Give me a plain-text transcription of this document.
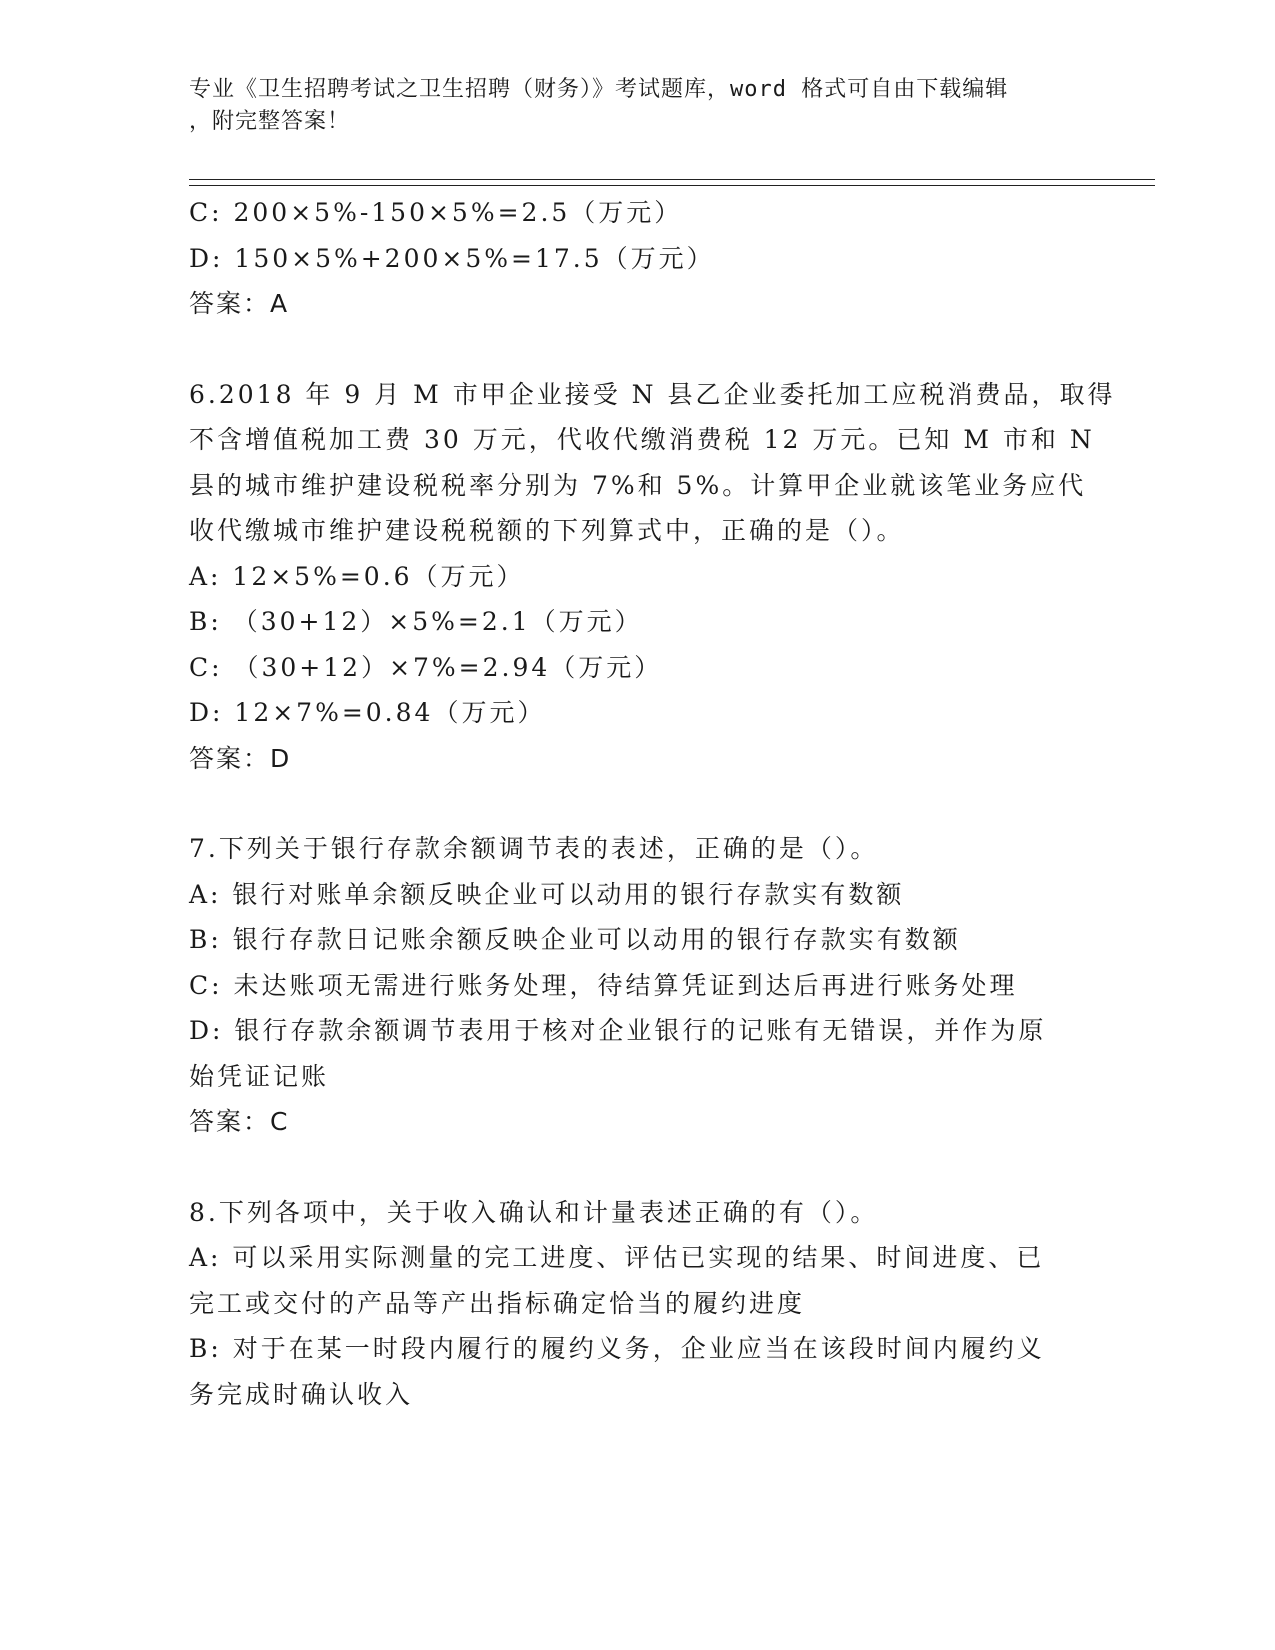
专业《卫生招聘考试之卫生招聘（财务）》考试题库，word 格式可自由下载编辑
，附完整答案！
C: 200×5%-150×5%=2.5（万元）
D: 150×5%+200×5%=17.5（万元）
答案：A
6.2018 年 9 月 M 市甲企业接受 N 县乙企业委托加工应税消费品，取得
不含增值税加工费 30 万元，代收代缴消费税 12 万元。已知 M 市和 N
县的城市维护建设税税率分别为 7%和 5%。计算甲企业就该笔业务应代
收代缴城市维护建设税税额的下列算式中，正确的是（）。
A: 12×5%=0.6（万元）
B: （30+12）×5%=2.1（万元）
C: （30+12）×7%=2.94（万元）
D: 12×7%=0.84（万元）
答案：D
7.下列关于银行存款余额调节表的表述，正确的是（）。
A: 银行对账单余额反映企业可以动用的银行存款实有数额
B: 银行存款日记账余额反映企业可以动用的银行存款实有数额
C: 未达账项无需进行账务处理，待结算凭证到达后再进行账务处理
D: 银行存款余额调节表用于核对企业银行的记账有无错误，并作为原
始凭证记账
答案：C
8.下列各项中，关于收入确认和计量表述正确的有（）。
A: 可以采用实际测量的完工进度、评估已实现的结果、时间进度、已
完工或交付的产品等产出指标确定恰当的履约进度
B: 对于在某一时段内履行的履约义务，企业应当在该段时间内履约义
务完成时确认收入
